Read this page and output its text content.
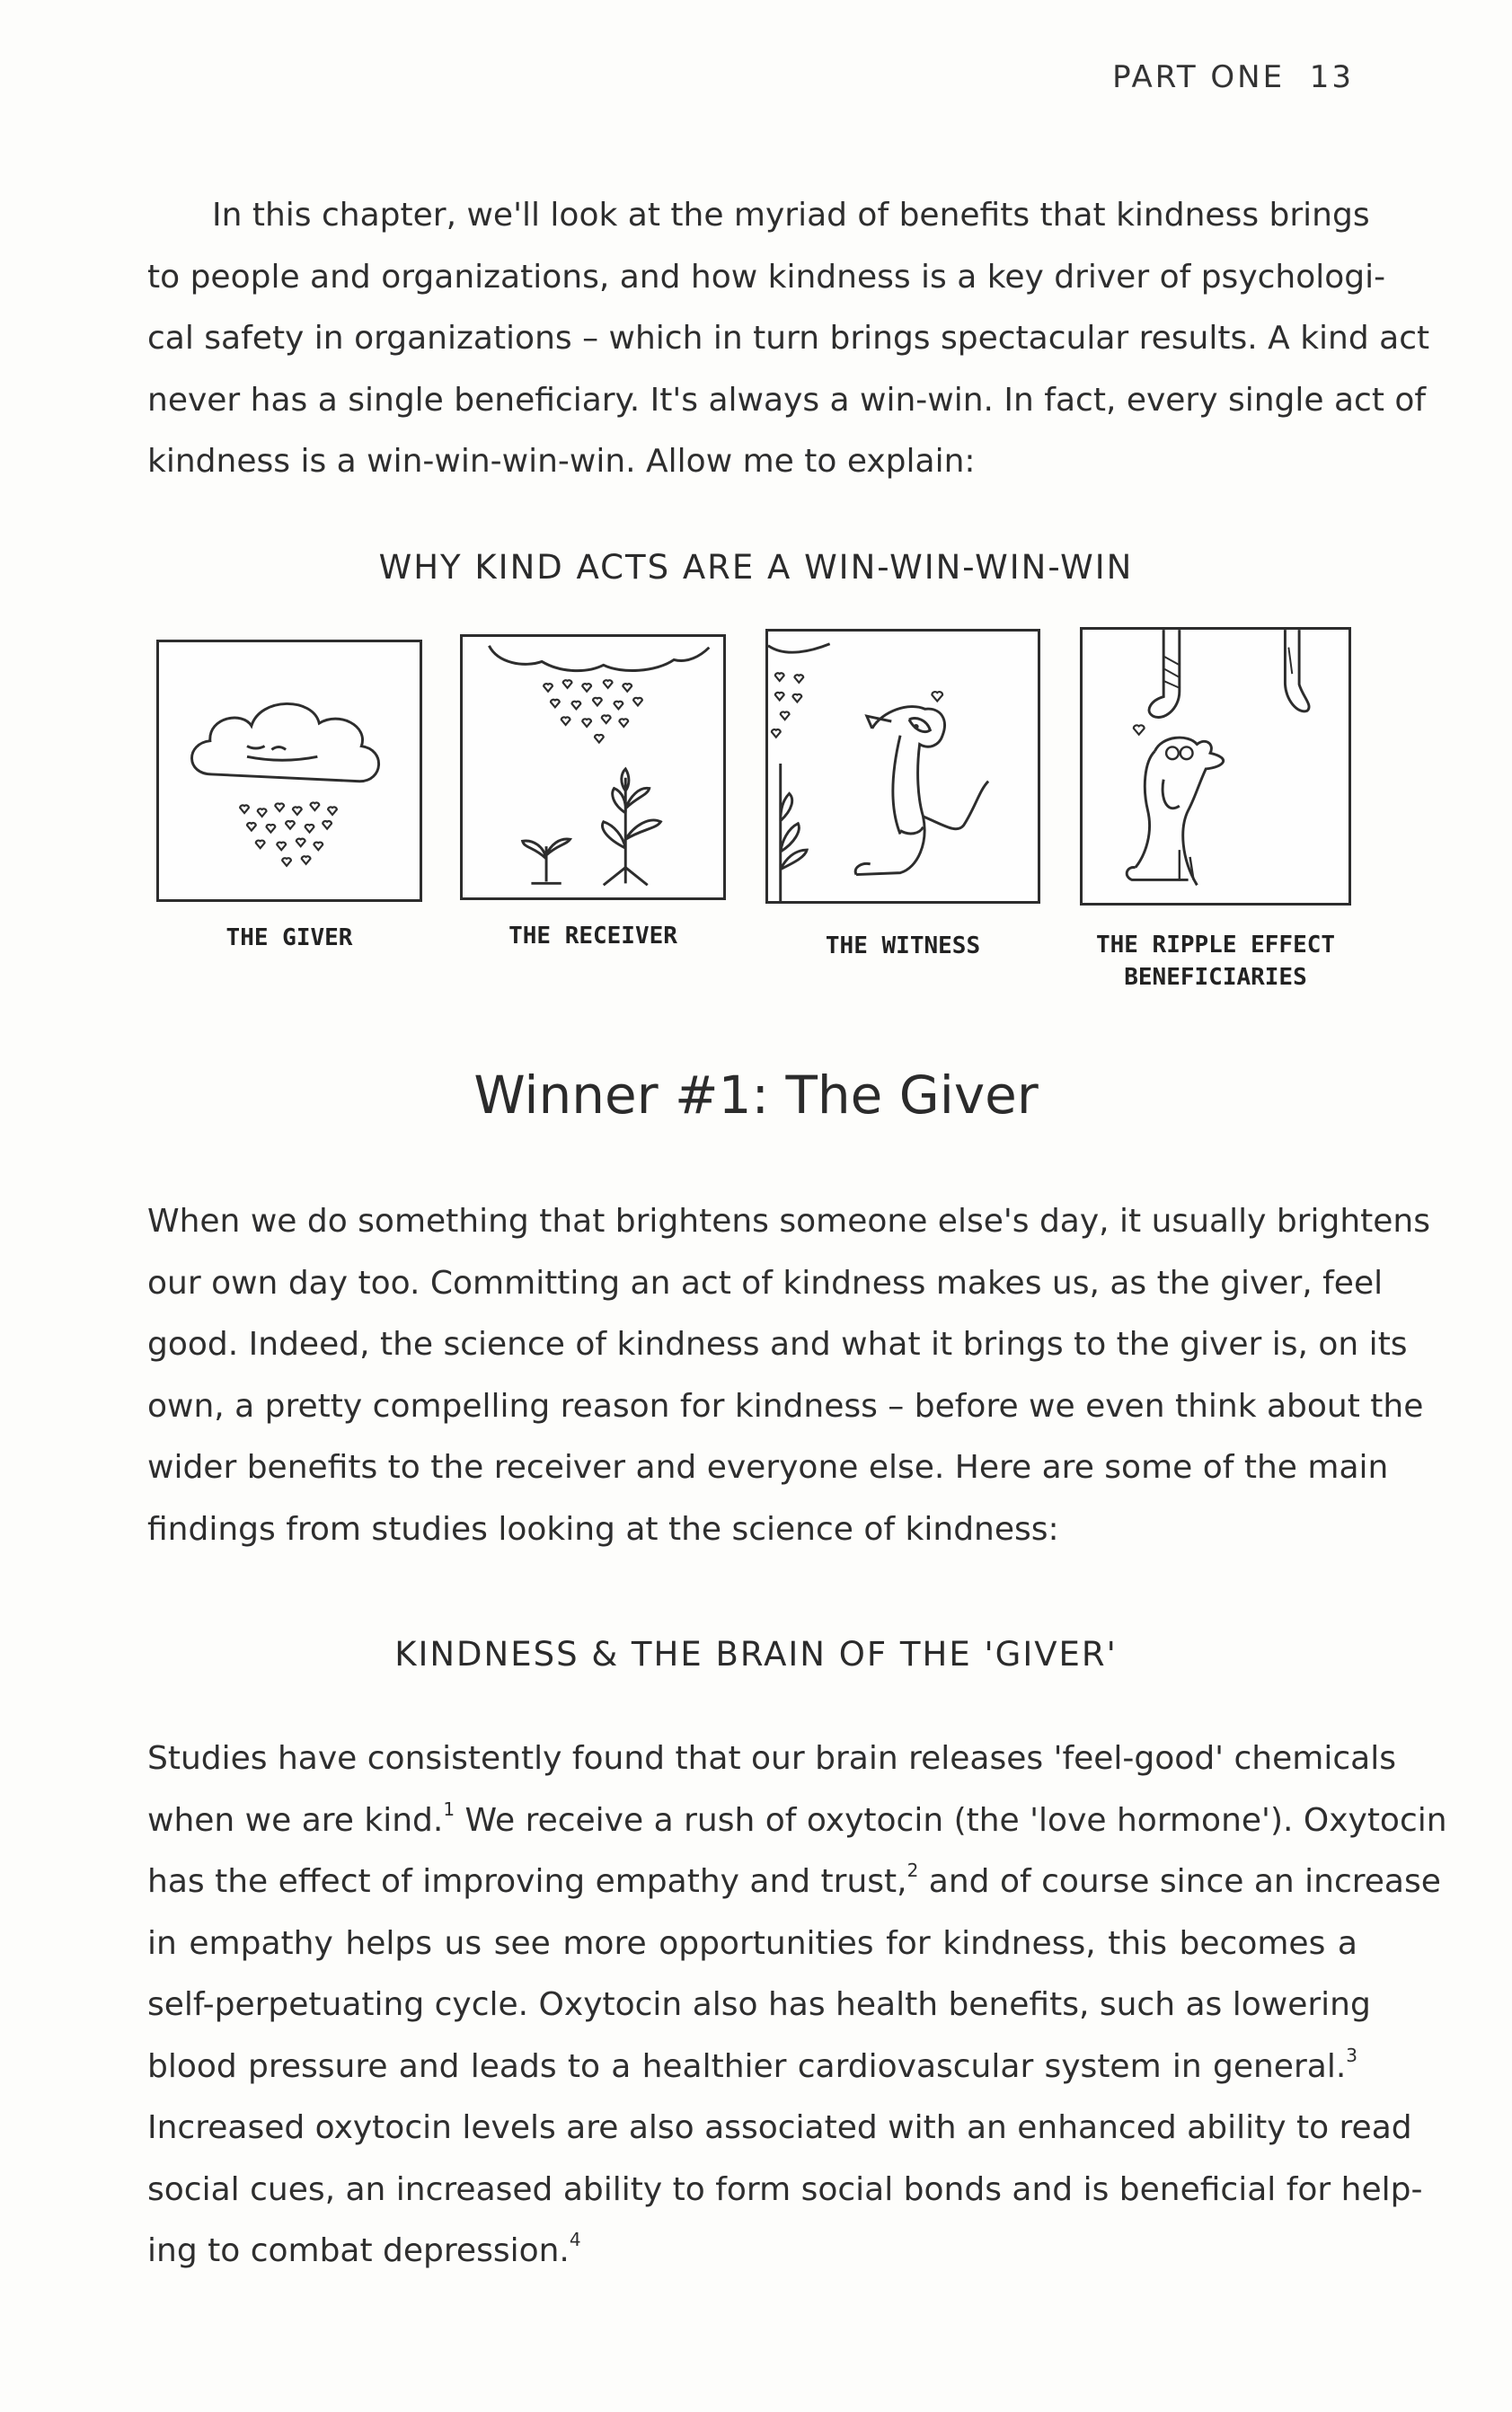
PART ONE 13

In this chapter, we'll look at the myriad of benefits that kindness brings
to people and organizations, and how kindness is a key driver of psychologi-
cal safety in organizations – which in turn brings spectacular results. A kind act
never has a single beneficiary. It's always a win-win. In fact, every single act of
kindness is a win-win-win-win. Allow me to explain:

WHY KIND ACTS ARE A WIN-WIN-WIN-WIN
THE GIVER	THE RECEIVER	THE WITNESS	THE RIPPLE EFFECT
BENEFICIARIES
Winner #1: The Giver

When we do something that brightens someone else's day, it usually brightens
our own day too. Committing an act of kindness makes us, as the giver, feel
good. Indeed, the science of kindness and what it brings to the giver is, on its
own, a pretty compelling reason for kindness – before we even think about the
wider benefits to the receiver and everyone else. Here are some of the main
findings from studies looking at the science of kindness:

KINDNESS & THE BRAIN OF THE 'GIVER'

Studies have consistently found that our brain releases 'feel-good' chemicals
when we are kind.$^1$ We receive a rush of oxytocin (the 'love hormone'). Oxytocin
has the effect of improving empathy and trust,$^2$ and of course since an increase
in empathy helps us see more opportunities for kindness, this becomes a
self-perpetuating cycle. Oxytocin also has health benefits, such as lowering
blood pressure and leads to a healthier cardiovascular system in general.$^3$
Increased oxytocin levels are also associated with an enhanced ability to read
social cues, an increased ability to form social bonds and is beneficial for help-
ing to combat depression.$^4$
